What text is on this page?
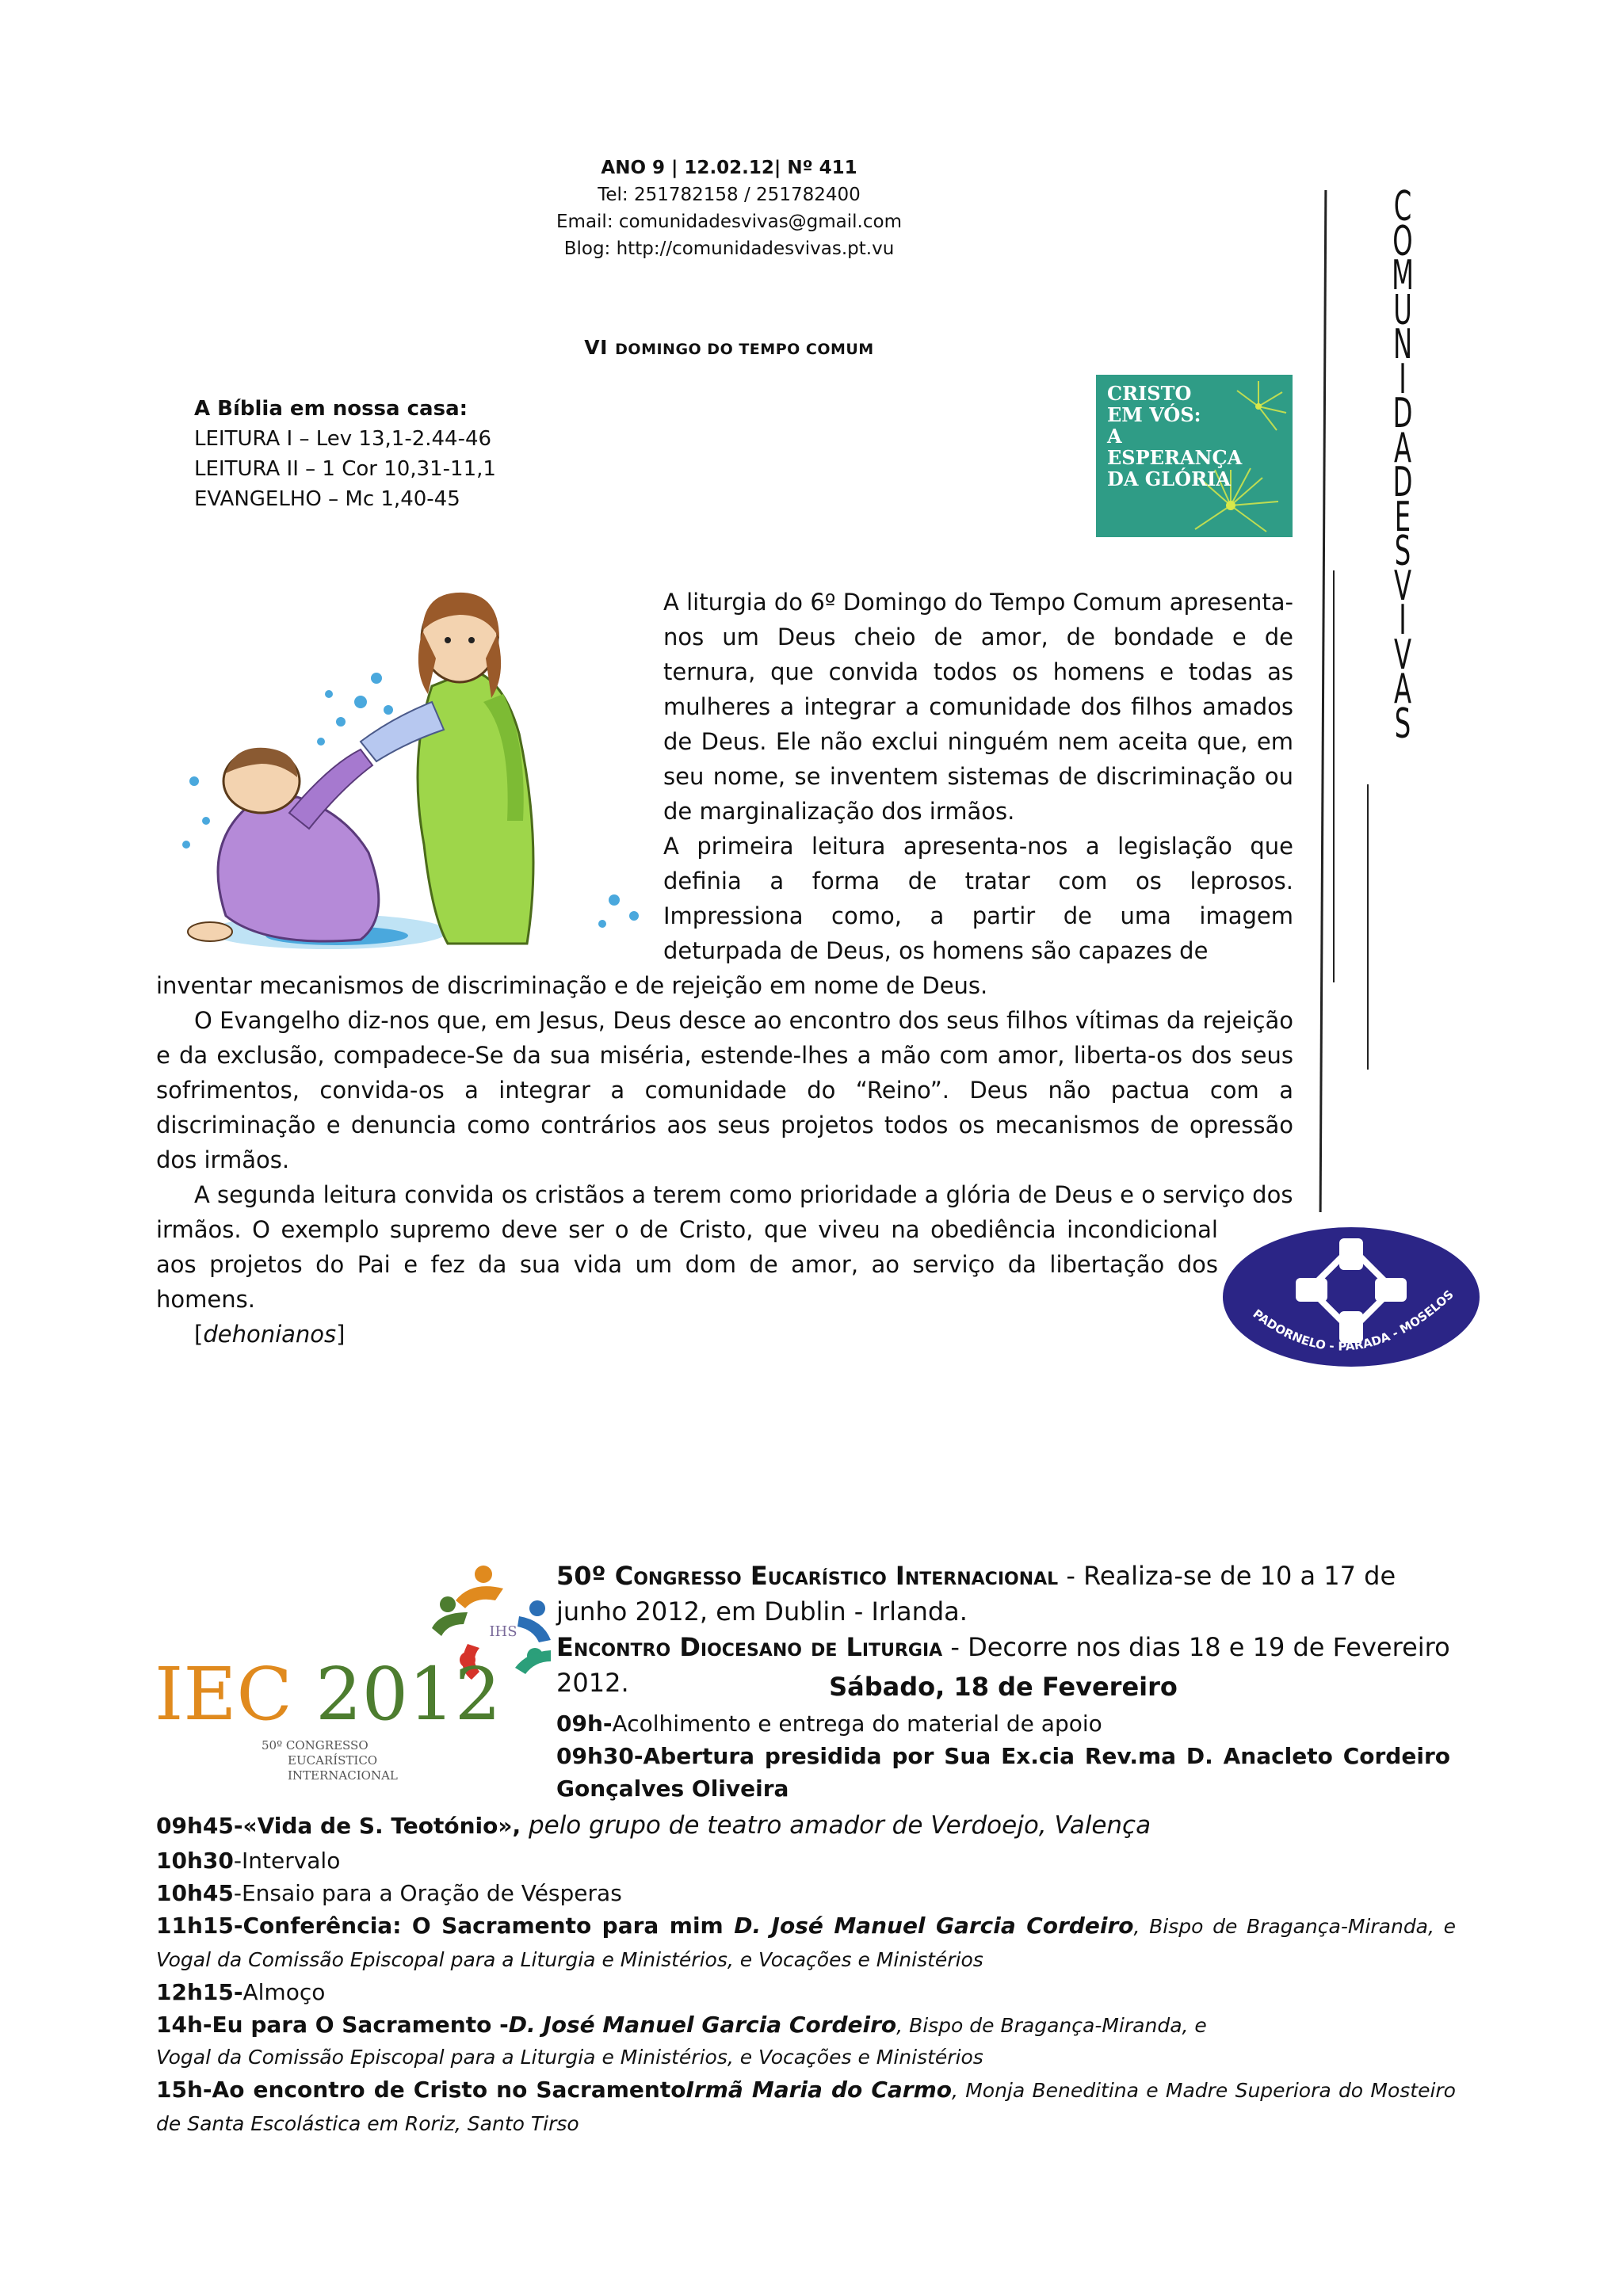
ANO 9 | 12.02.12| Nº 411
Tel: 251782158 / 251782400
Email: comunidadesvivas@gmail.com
Blog: http://comunidadesvivas.pt.vu
VI DOMINGO DO TEMPO COMUM
A Bíblia em nossa casa:
LEITURA I – Lev 13,1-2.44-46
LEITURA II – 1 Cor 10,31-11,1
EVANGELHO – Mc 1,40-45
CRISTO
EM VÓS:
A
ESPERANÇA
DA GLÓRIA
C
O
M
U
N
I
D
A
D
E
S
V
I
V
A
S
A liturgia do 6º Domingo do Tempo Comum apresenta-nos um Deus cheio de amor, de bondade e de ternura, que convida todos os homens e todas as mulheres a integrar a comunidade dos filhos amados de Deus. Ele não exclui ninguém nem aceita que, em seu nome, se inventem sistemas de discriminação ou de marginalização dos irmãos.
A primeira leitura apresenta-nos a legislação que definia a forma de tratar com os leprosos. Impressiona como, a partir de uma imagem deturpada de Deus, os homens são capazes de
inventar mecanismos de discriminação e de rejeição em nome de Deus.
O Evangelho diz-nos que, em Jesus, Deus desce ao encontro dos seus filhos vítimas da rejeição e da exclusão, compadece-Se da sua miséria, estende-lhes a mão com amor, liberta-os dos seus sofrimentos, convida-os a integrar a comunidade do “Reino”. Deus não pactua com a discriminação e denuncia como contrários aos seus projetos todos os mecanismos de opressão dos irmãos.
A segunda leitura convida os cristãos a terem como prioridade a glória de Deus e o serviço dos
irmãos. O exemplo supremo deve ser o de Cristo, que viveu na obediência incondicional aos projetos do Pai e fez da sua vida um dom de amor, ao serviço da libertação dos homens.
[dehonianos]
PADORNELO - PARADA - MOSELOS
IHS
IEC 2012
50º CONGRESSO
EUCARÍSTICO
INTERNACIONAL
50º Congresso Eucarístico Internacional - Realiza-se de 10 a 17 de junho 2012, em Dublin - Irlanda.
Encontro Diocesano de Liturgia - Decorre nos dias 18 e 19 de Fevereiro 2012.	Sábado, 18 de Fevereiro
09h-Acolhimento e entrega do material de apoio
09h30-Abertura presidida por Sua Ex.cia Rev.ma D. Anacleto Cordeiro Gonçalves Oliveira
09h45-«Vida de S. Teotónio», pelo grupo de teatro amador de Verdoejo, Valença
10h30-Intervalo
10h45-Ensaio para a Oração de Vésperas
11h15-Conferência: O Sacramento para mim D. José Manuel Garcia Cordeiro, Bispo de Bragança-Miranda, e Vogal da Comissão Episcopal para a Liturgia e Ministérios, e Vocações e Ministérios
12h15-Almoço
14h-Eu para O Sacramento -D. José Manuel Garcia Cordeiro, Bispo de Bragança-Miranda, e
Vogal da Comissão Episcopal para a Liturgia e Ministérios, e Vocações e Ministérios
15h-Ao encontro de Cristo no SacramentoIrmã Maria do Carmo, Monja Beneditina e Madre Superiora do Mosteiro de Santa Escolástica em Roriz, Santo Tirso
